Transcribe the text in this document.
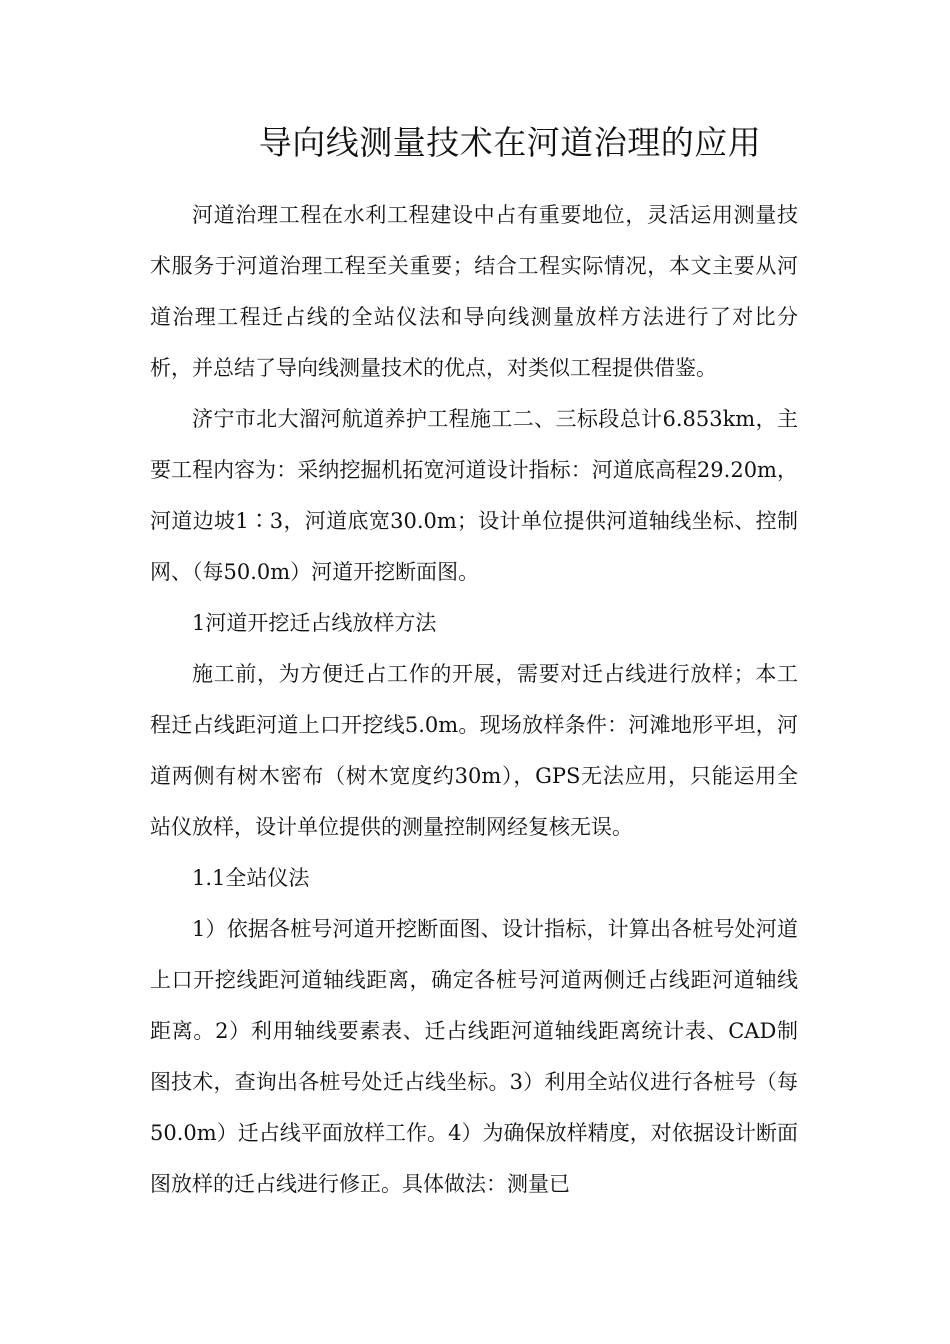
导向线测量技术在河道治理的应用

河道治理工程在水利工程建设中占有重要地位，灵活运用测量技术服务于河道治理工程至关重要；结合工程实际情况，本文主要从河道治理工程迁占线的全站仪法和导向线测量放样方法进行了对比分析，并总结了导向线测量技术的优点，对类似工程提供借鉴。

济宁市北大溜河航道养护工程施工二、三标段总计6.853km，主要工程内容为：采纳挖掘机拓宽河道设计指标：河道底高程29.20m，河道边坡1∶3，河道底宽30.0m；设计单位提供河道轴线坐标、控制网、（每50.0m）河道开挖断面图。

1河道开挖迁占线放样方法

施工前，为方便迁占工作的开展，需要对迁占线进行放样；本工程迁占线距河道上口开挖线5.0m。现场放样条件：河滩地形平坦，河道两侧有树木密布（树木宽度约30m），GPS无法应用，只能运用全站仪放样，设计单位提供的测量控制网经复核无误。

1.1全站仪法

1）依据各桩号河道开挖断面图、设计指标，计算出各桩号处河道上口开挖线距河道轴线距离，确定各桩号河道两侧迁占线距河道轴线距离。2）利用轴线要素表、迁占线距河道轴线距离统计表、CAD制图技术，查询出各桩号处迁占线坐标。3）利用全站仪进行各桩号（每50.0m）迁占线平面放样工作。4）为确保放样精度，对依据设计断面图放样的迁占线进行修正。具体做法：测量已
